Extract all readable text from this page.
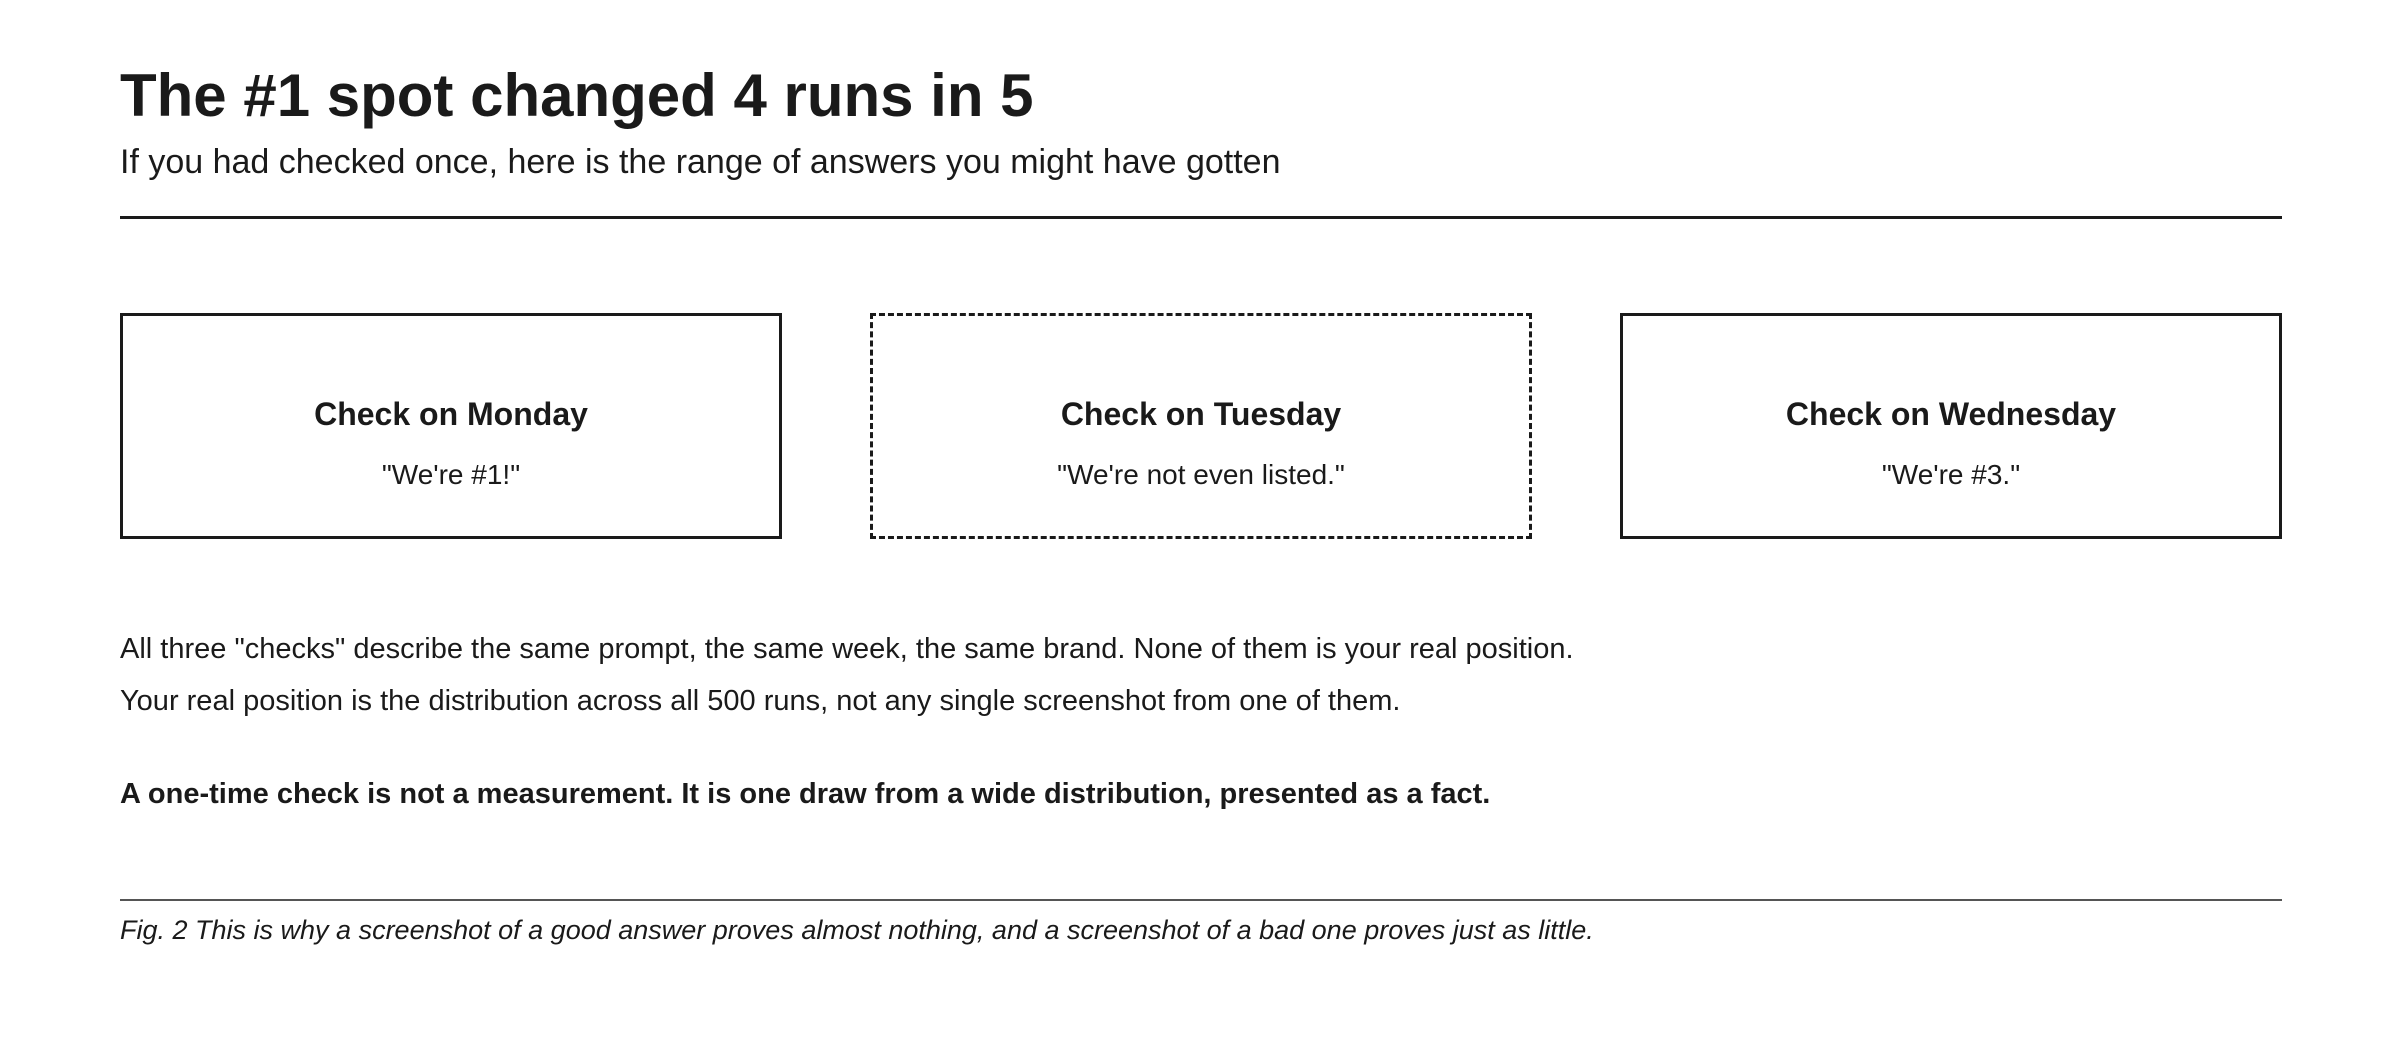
The #1 spot changed 4 runs in 5

If you had checked once, here is the range of answers you might have gotten

Check on Monday
"We're #1!"
Check on Tuesday
"We're not even listed."
Check on Wednesday
"We're #3."

All three "checks" describe the same prompt, the same week, the same brand. None of them is your real position.

Your real position is the distribution across all 500 runs, not any single screenshot from one of them.

A one-time check is not a measurement. It is one draw from a wide distribution, presented as a fact.

Fig. 2 This is why a screenshot of a good answer proves almost nothing, and a screenshot of a bad one proves just as little.
